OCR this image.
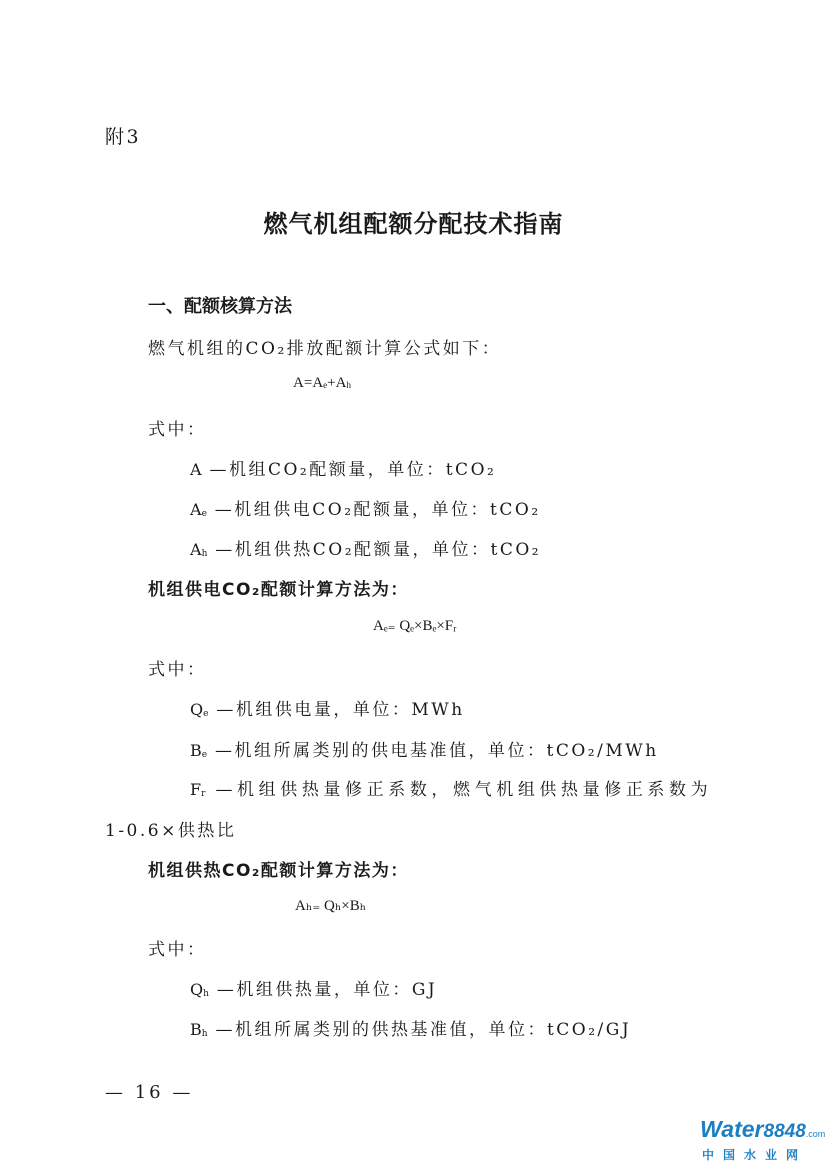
附3
燃气机组配额分配技术指南
一、配额核算方法
燃气机组的CO₂排放配额计算公式如下：
$A=A_e+A_h$
式中：
A —机组CO₂配额量，单位：tCO₂
$A_e$ —机组供电CO₂配额量，单位：tCO₂
$A_h$ —机组供热CO₂配额量，单位：tCO₂
机组供电CO₂配额计算方法为：
Aₑ₌ Qₑ×Bₑ×Fᵣ
式中：
$Q_e$ —机组供电量，单位：MWh
$B_e$ —机组所属类别的供电基准值，单位：tCO₂/MWh
$F_r$ —机组供热量修正系数，燃气机组供热量修正系数为
1-0.6×供热比
机组供热CO₂配额计算方法为：
Aₕ₌ Qₕ×Bₕ
式中：
$Q_h$ —机组供热量，单位：GJ
$B_h$ —机组所属类别的供热基准值，单位：tCO₂/GJ
— 16 —
Water8848.com
中国水业网
